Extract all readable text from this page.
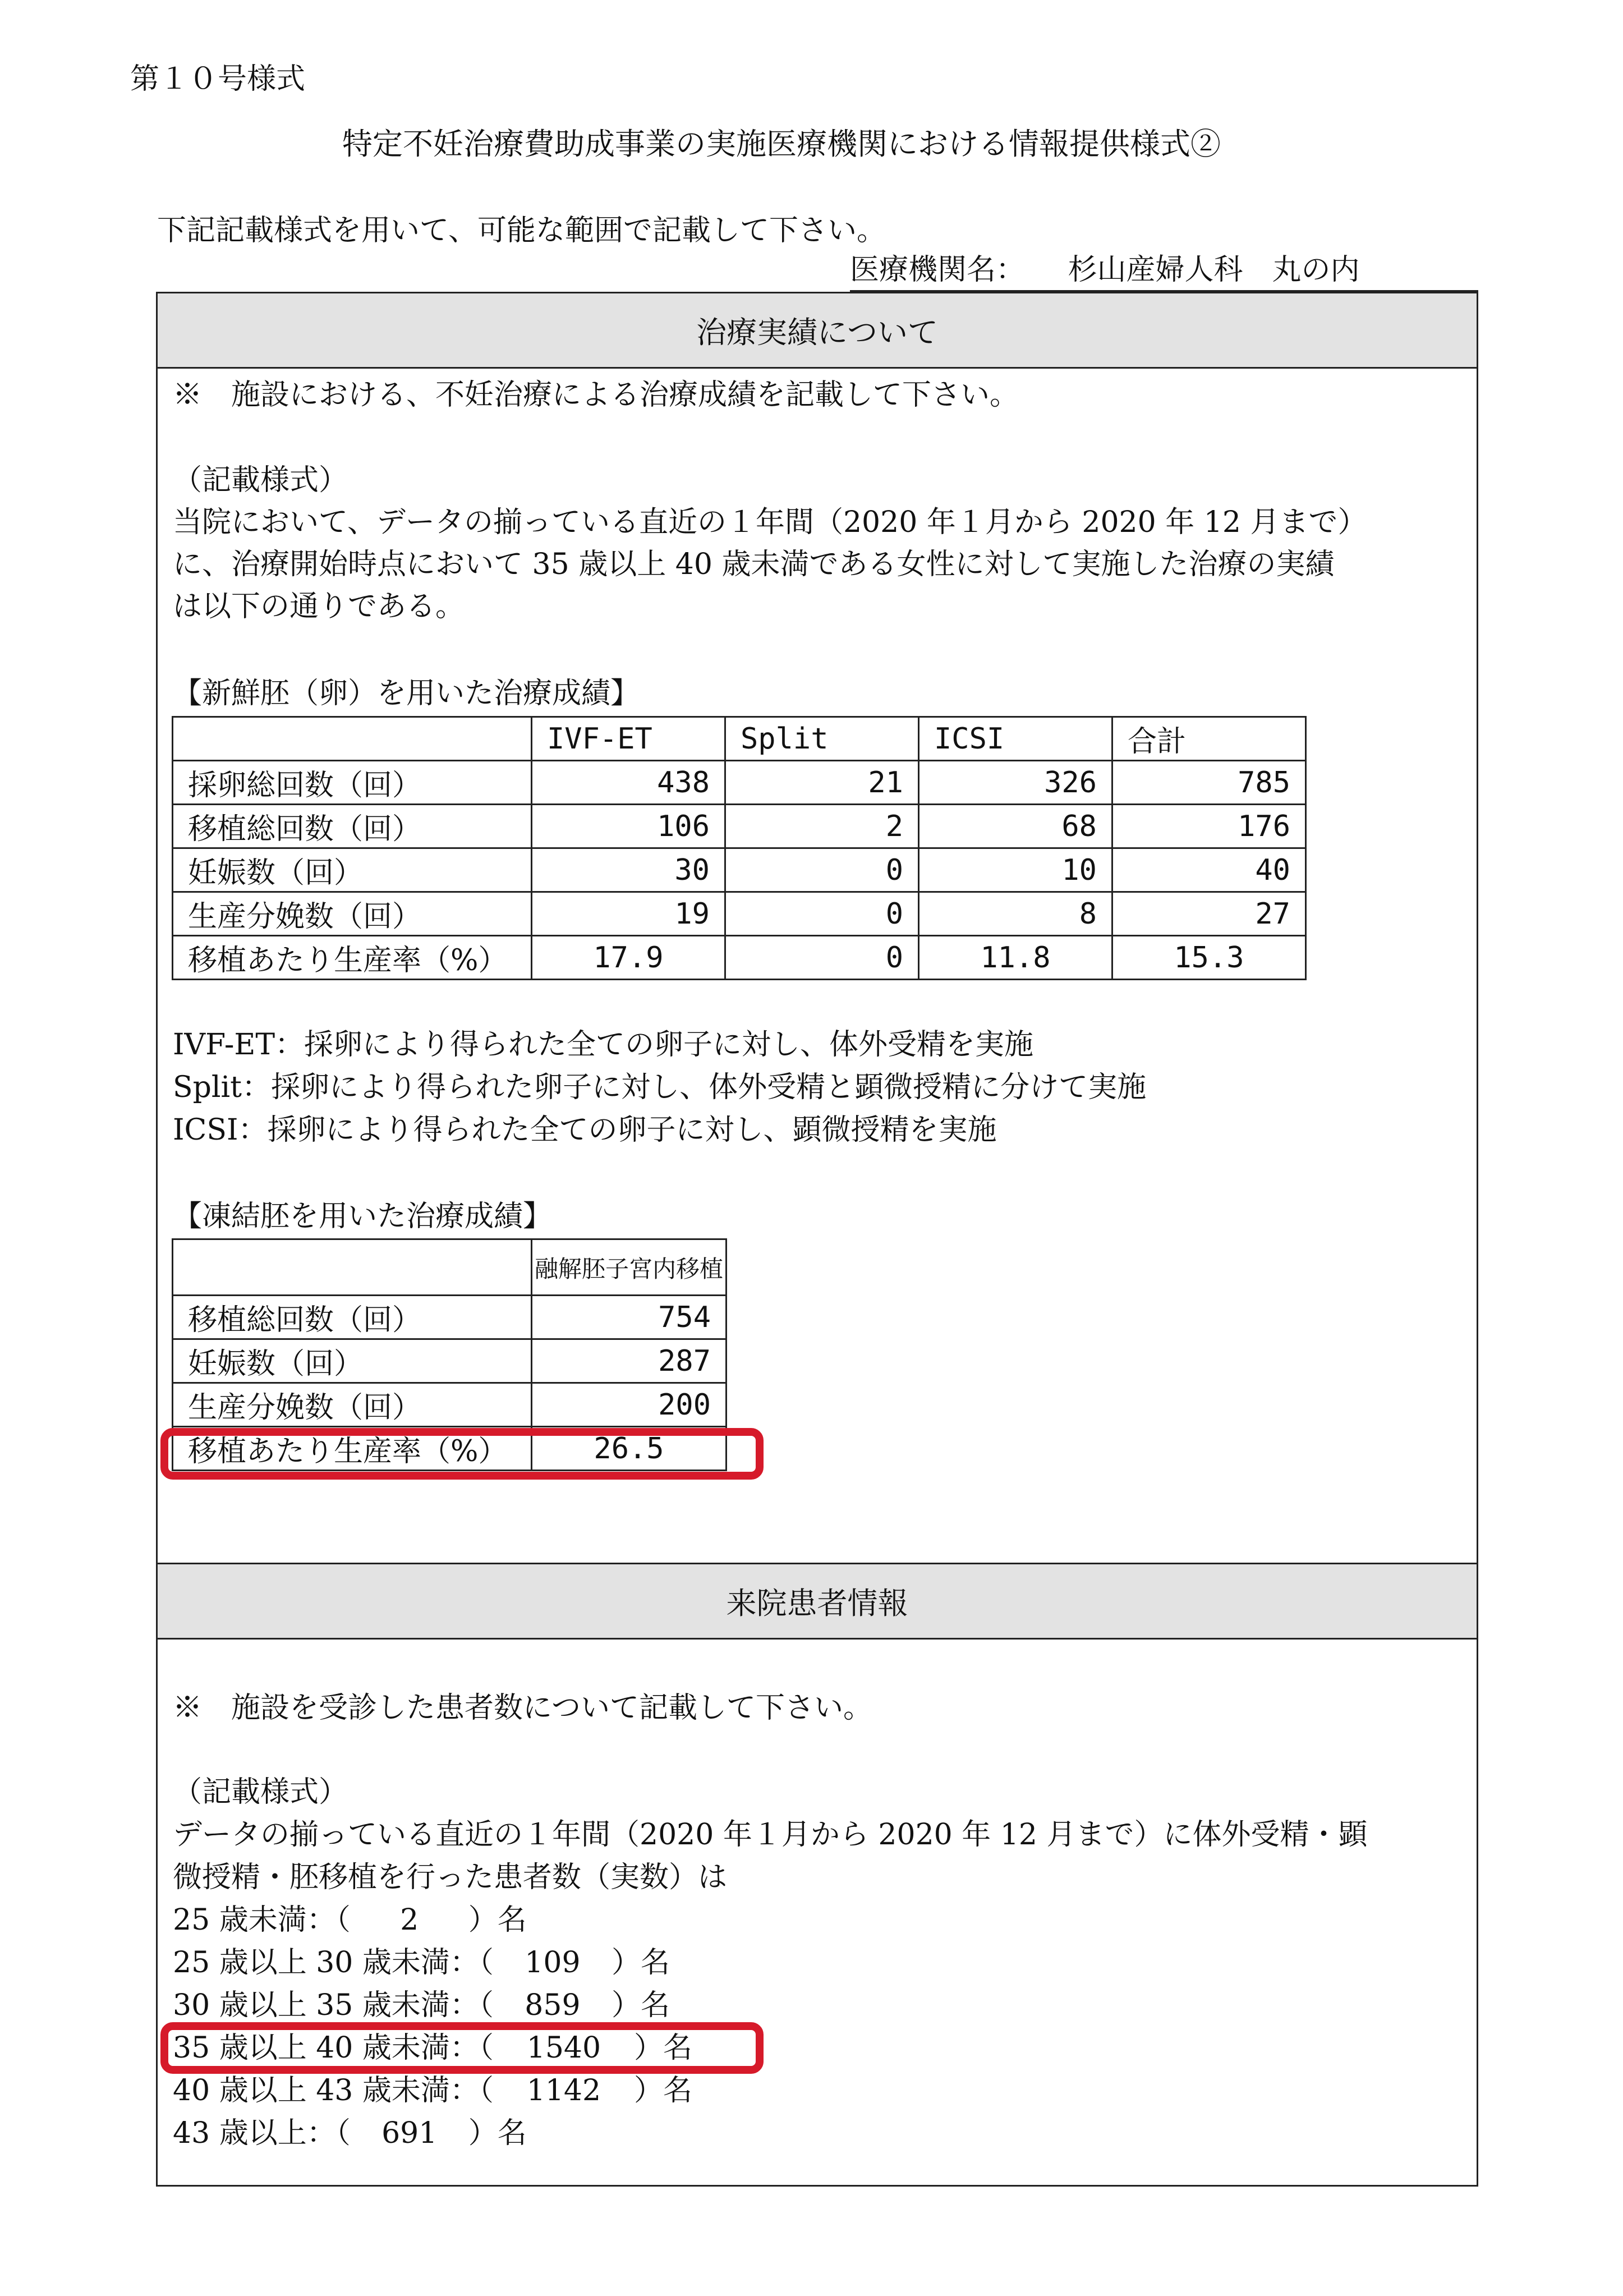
第１０号様式
特定不妊治療費助成事業の実施医療機関における情報提供様式②
下記記載様式を用いて、可能な範囲で記載して下さい。
医療機関名： 杉山産婦人科　丸の内
治療実績について
※　施設における、不妊治療による治療成績を記載して下さい。
（記載様式）
当院において、データの揃っている直近の１年間（2020 年１月から 2020 年 12 月まで）
に、治療開始時点において 35 歳以上 40 歳未満である女性に対して実施した治療の実績
は以下の通りである。
【新鮮胚（卵）を用いた治療成績】
	IVF-ET	Split	ICSI	合計
採卵総回数（回）	438	21	326	785
移植総回数（回）	106	2	68	176
妊娠数（回）	30	0	10	40
生産分娩数（回）	19	0	8	27
移植あたり生産率（%）	17.9	0	11.8	15.3
IVF-ET：採卵により得られた全ての卵子に対し、体外受精を実施
Split：採卵により得られた卵子に対し、体外受精と顕微授精に分けて実施
ICSI：採卵により得られた全ての卵子に対し、顕微授精を実施
【凍結胚を用いた治療成績】
	融解胚子宮内移植
移植総回数（回）	754
妊娠数（回）	287
生産分娩数（回）	200
移植あたり生産率（%）	26.5
来院患者情報
※　施設を受診した患者数について記載して下さい。
（記載様式）
データの揃っている直近の１年間（2020 年１月から 2020 年 12 月まで）に体外受精・顕
微授精・胚移植を行った患者数（実数）は
25 歳未満：（ 2 ）名
25 歳以上 30 歳未満：（ 109 ）名
30 歳以上 35 歳未満：（ 859 ）名
35 歳以上 40 歳未満：（ 1540 ）名
40 歳以上 43 歳未満：（ 1142 ）名
43 歳以上：（ 691 ）名
